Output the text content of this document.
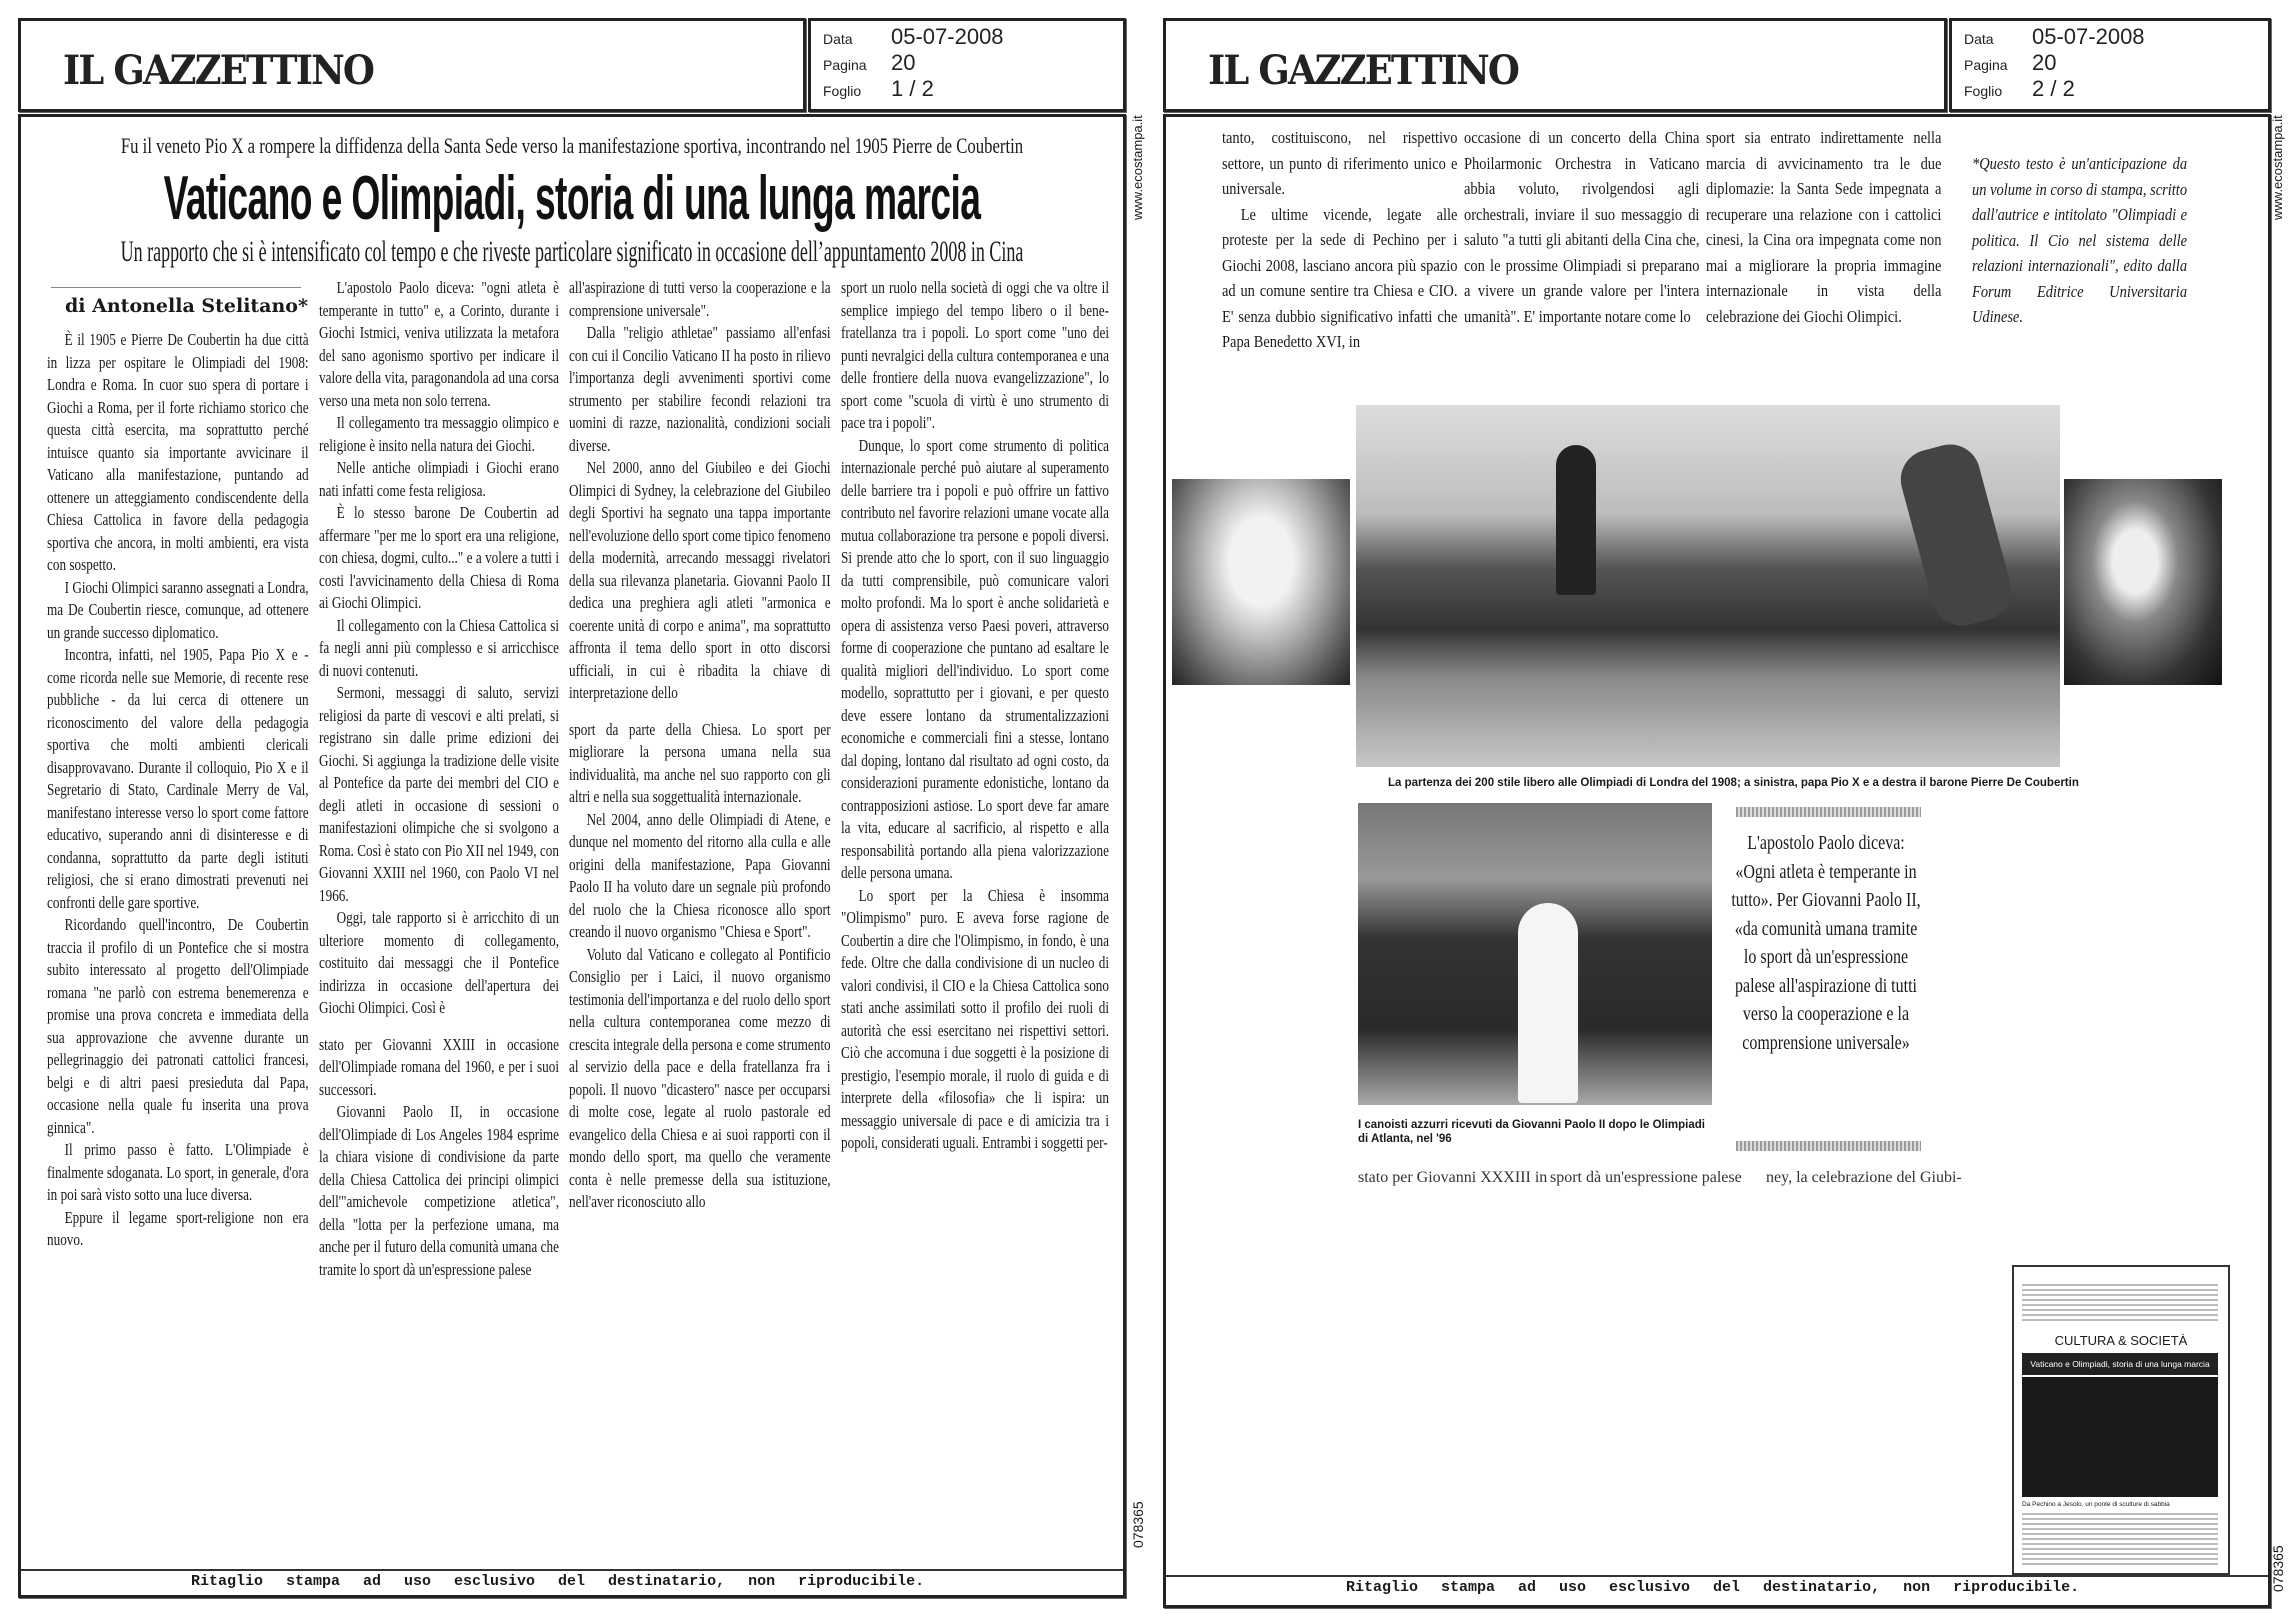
IL GAZZETTINO
Data 05-07-2008
Pagina 20
Foglio 1 / 2
Fu il veneto Pio X a rompere la diffidenza della Santa Sede verso la manifestazione sportiva, incontrando nel 1905 Pierre de Coubertin
Vaticano e Olimpiadi, storia di una lunga marcia
Un rapporto che si è intensificato col tempo e che riveste particolare significato in occasione dell’appuntamento 2008 in Cina
di Antonella Stelitano*

È il 1905 e Pierre De Coubertin ha due città in lizza per ospitare le Olimpiadi del 1908: Londra e Roma. In cuor suo spera di portare i Giochi a Roma, per il forte richiamo storico che questa città esercita, ma soprattutto perché intuisce quanto sia importante avvicinare il Vaticano alla manifestazione, puntando ad ottenere un atteggiamento condiscendente della Chiesa Cattolica in favore della pedagogia sportiva che ancora, in molti ambienti, era vista con sospetto.

I Giochi Olimpici saranno assegnati a Londra, ma De Coubertin riesce, comunque, ad ottenere un grande successo diplomatico.

Incontra, infatti, nel 1905, Papa Pio X e - come ricorda nelle sue Memorie, di recente rese pubbliche - da lui cerca di ottenere un riconoscimento del valore della pedagogia sportiva che molti ambienti clericali disapprovavano. Durante il colloquio, Pio X e il Segretario di Stato, Cardinale Merry de Val, manifestano interesse verso lo sport come fattore educativo, superando anni di disinteresse e di condanna, soprattutto da parte degli istituti religiosi, che si erano dimostrati prevenuti nei confronti delle gare sportive.

Ricordando quell'incontro, De Coubertin traccia il profilo di un Pontefice che si mostra subito interessato al progetto dell'Olimpiade romana "ne parlò con estrema benemerenza e promise una prova concreta e immediata della sua approvazione che avvenne durante un pellegrinaggio dei patronati cattolici francesi, belgi e di altri paesi presieduta dal Papa, occasione nella quale fu inserita una prova ginnica".

Il primo passo è fatto. L'Olimpiade è finalmente sdoganata. Lo sport, in generale, d'ora in poi sarà visto sotto una luce diversa.

Eppure il legame sport-religione non era nuovo.

L'apostolo Paolo diceva: "ogni atleta è temperante in tutto" e, a Corinto, durante i Giochi Istmici, veniva utilizzata la metafora del sano agonismo sportivo per indicare il valore della vita, paragonandola ad una corsa verso una meta non solo terrena.

Il collegamento tra messaggio olimpico e religione è insito nella natura dei Giochi.

Nelle antiche olimpiadi i Giochi erano nati infatti come festa religiosa.

È lo stesso barone De Coubertin ad affermare "per me lo sport era una religione, con chiesa, dogmi, culto..." e a volere a tutti i costi l'avvicinamento della Chiesa di Roma ai Giochi Olimpici.

Il collegamento con la Chiesa Cattolica si fa negli anni più complesso e si arricchisce di nuovi contenuti.

Sermoni, messaggi di saluto, servizi religiosi da parte di vescovi e alti prelati, si registrano sin dalle prime edizioni dei Giochi. Si aggiunga la tradizione delle visite al Pontefice da parte dei membri del CIO e degli atleti in occasione di sessioni o manifestazioni olimpiche che si svolgono a Roma. Così è stato con Pio XII nel 1949, con Giovanni XXIII nel 1960, con Paolo VI nel 1966.

Oggi, tale rapporto si è arricchito di un ulteriore momento di collegamento, costituito dai messaggi che il Pontefice indirizza in occasione dell'apertura dei Giochi Olimpici. Così è

stato per Giovanni XXIII in occasione dell'Olimpiade romana del 1960, e per i suoi successori.

Giovanni Paolo II, in occasione dell'Olimpiade di Los Angeles 1984 esprime la chiara visione di condivisione da parte della Chiesa Cattolica dei principi olimpici dell'"amichevole competizione atletica", della "lotta per la perfezione umana, ma anche per il futuro della comunità umana che tramite lo sport dà un'espressione palese

all'aspirazione di tutti verso la cooperazione e la comprensione universale".

Dalla "religio athletae" passiamo all'enfasi con cui il Concilio Vaticano II ha posto in rilievo l'importanza degli avvenimenti sportivi come strumento per stabilire fecondi relazioni tra uomini di razze, nazionalità, condizioni sociali diverse.

Nel 2000, anno del Giubileo e dei Giochi Olimpici di Sydney, la celebrazione del Giubileo degli Sportivi ha segnato una tappa importante nell'evoluzione dello sport come tipico fenomeno della modernità, arrecando messaggi rivelatori della sua rilevanza planetaria. Giovanni Paolo II dedica una preghiera agli atleti "armonica e coerente unità di corpo e anima", ma soprattutto affronta il tema dello sport in otto discorsi ufficiali, in cui è ribadita la chiave di interpretazione dello

sport da parte della Chiesa. Lo sport per migliorare la persona umana nella sua individualità, ma anche nel suo rapporto con gli altri e nella sua soggettualità internazionale.

Nel 2004, anno delle Olimpiadi di Atene, e dunque nel momento del ritorno alla culla e alle origini della manifestazione, Papa Giovanni Paolo II ha voluto dare un segnale più profondo del ruolo che la Chiesa riconosce allo sport creando il nuovo organismo "Chiesa e Sport".

Voluto dal Vaticano e collegato al Pontificio Consiglio per i Laici, il nuovo organismo testimonia dell'importanza e del ruolo dello sport nella cultura contemporanea come mezzo di crescita integrale della persona e come strumento al servizio della pace e della fratellanza fra i popoli. Il nuovo "dicastero" nasce per occuparsi di molte cose, legate al ruolo pastorale ed evangelico della Chiesa e ai suoi rapporti con il mondo dello sport, ma quello che veramente conta è nelle premesse della sua istituzione, nell'aver riconosciuto allo

sport un ruolo nella società di oggi che va oltre il semplice impiego del tempo libero o il bene- fratellanza tra i popoli. Lo sport come "uno dei punti nevralgici della cultura contemporanea e una delle frontiere della nuova evangelizzazione", lo sport come "scuola di virtù è uno strumento di pace tra i popoli".

Dunque, lo sport come strumento di politica internazionale perché può aiutare al superamento delle barriere tra i popoli e può offrire un fattivo contributo nel favorire relazioni umane vocate alla mutua collaborazione tra persone e popoli diversi. Si prende atto che lo sport, con il suo linguaggio da tutti comprensibile, può comunicare valori molto profondi. Ma lo sport è anche solidarietà e opera di assistenza verso Paesi poveri, attraverso forme di cooperazione che puntano ad esaltare le qualità migliori dell'individuo. Lo sport come modello, soprattutto per i giovani, e per questo deve essere lontano da strumentalizzazioni economiche e commerciali fini a stesse, lontano dal doping, lontano dal risultato ad ogni costo, da considerazioni puramente edonistiche, lontano da contrapposizioni astiose. Lo sport deve far amare la vita, educare al sacrificio, al rispetto e alla responsabilità portando alla piena valorizzazione delle persona umana.

Lo sport per la Chiesa è insomma "Olimpismo" puro. E aveva forse ragione de Coubertin a dire che l'Olimpismo, in fondo, è una fede. Oltre che dalla condivisione di un nucleo di valori condivisi, il CIO e la Chiesa Cattolica sono stati anche assimilati sotto il profilo dei ruoli di autorità che essi esercitano nei rispettivi settori. Ciò che accomuna i due soggetti è la posizione di prestigio, l'esempio morale, il ruolo di guida e di interprete della «filosofia» che li ispira: un messaggio universale di pace e di amicizia tra i popoli, considerati uguali. Entrambi i soggetti per-

Ritaglio stampa ad uso esclusivo del destinatario, non riproducibile.
www.ecostampa.it
078365
IL GAZZETTINO
Data 05-07-2008
Pagina 20
Foglio 2 / 2

tanto, costituiscono, nel rispettivo settore, un punto di riferimento unico e universale.

Le ultime vicende, legate alle proteste per la sede di Pechino per i Giochi 2008, lasciano ancora più spazio ad un comune sentire tra Chiesa e CIO. E' senza dubbio significativo infatti che Papa Benedetto XVI, in

occasione di un concerto della China Phoilarmonic Orchestra in Vaticano abbia voluto, rivolgendosi agli orchestrali, inviare il suo messaggio di saluto "a tutti gli abitanti della Cina che, con le prossime Olimpiadi si preparano a vivere un grande valore per l'intera umanità". E' importante notare come lo

sport sia entrato indirettamente nella marcia di avvicinamento tra le due diplomazie: la Santa Sede impegnata a recuperare una relazione con i cattolici cinesi, la Cina ora impegnata come non mai a migliorare la propria immagine internazionale in vista della celebrazione dei Giochi Olimpici.

*Questo testo è un'anticipazione da un volume in corso di stampa, scritto dall'autrice e intitolato "Olimpiadi e politica. Il Cio nel sistema delle relazioni internazionali", edito dalla Forum Editrice Universitaria Udinese.
La partenza dei 200 stile libero alle Olimpiadi di Londra del 1908; a sinistra, papa Pio X e a destra il barone Pierre De Coubertin
I canoisti azzurri ricevuti da Giovanni Paolo II dopo le Olimpiadi di Atlanta, nel '96
L'apostolo Paolo diceva: «Ogni atleta è temperante in tutto». Per Giovanni Paolo II, «da comunità umana tramite lo sport dà un'espressione palese all'aspirazione di tutti verso la cooperazione e la comprensione universale»
stato per Giovanni XXXIII in sport dà un'espressione palese ney, la celebrazione del Giubi-
CULTURA & SOCIETÀ
Vaticano e Olimpiadi, storia di una lunga marcia
Da Pechino a Jesolo, un ponte di sculture di sabbia
Ritaglio stampa ad uso esclusivo del destinatario, non riproducibile.
www.ecostampa.it
078365
